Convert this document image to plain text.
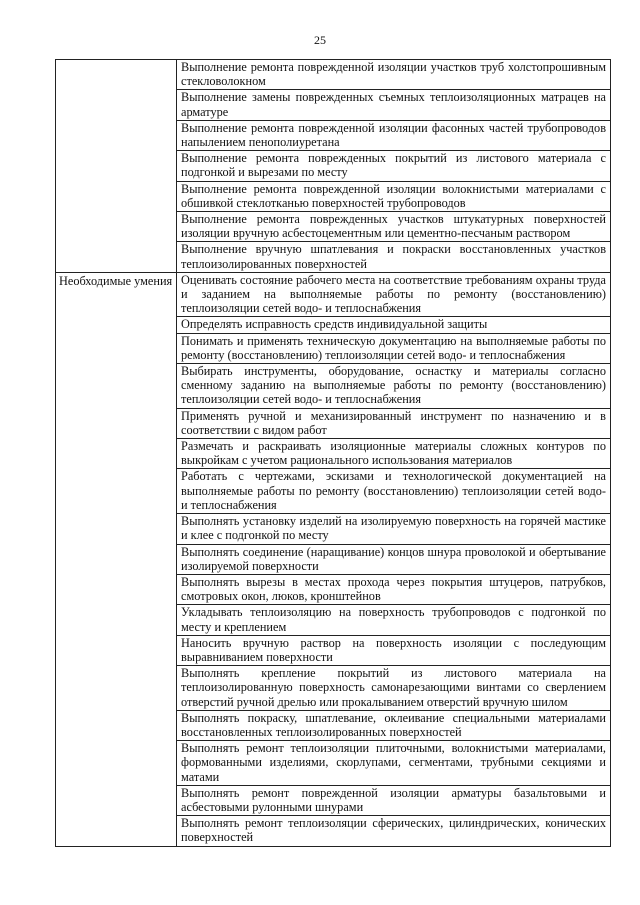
25
	Выполнение ремонта поврежденной изоляции участков труб холстопрошивным стекловолокном
	Выполнение замены поврежденных съемных теплоизоляционных матрацев на арматуре
	Выполнение ремонта поврежденной изоляции фасонных частей трубопроводов напылением пенополиуретана
	Выполнение ремонта поврежденных покрытий из листового материала с подгонкой и вырезами по месту
	Выполнение ремонта поврежденной изоляции волокнистыми материалами с обшивкой стеклотканью поверхностей трубопроводов
	Выполнение ремонта поврежденных участков штукатурных поверхностей изоляции вручную асбестоцементным или цементно-песчаным раствором
	Выполнение вручную шпатлевания и покраски восстановленных участков теплоизолированных поверхностей
Необходимые умения	Оценивать состояние рабочего места на соответствие требованиям охраны труда и заданием на выполняемые работы по ремонту (восстановлению) теплоизоляции сетей водо- и теплоснабжения
	Определять исправность средств индивидуальной защиты
	Понимать и применять техническую документацию на выполняемые работы по ремонту (восстановлению) теплоизоляции сетей водо- и теплоснабжения
	Выбирать инструменты, оборудование, оснастку и материалы согласно сменному заданию на выполняемые работы по ремонту (восстановлению) теплоизоляции сетей водо- и теплоснабжения
	Применять ручной и механизированный инструмент по назначению и в соответствии с видом работ
	Размечать и раскраивать изоляционные материалы сложных контуров по выкройкам с учетом рационального использования материалов
	Работать с чертежами, эскизами и технологической документацией на выполняемые работы по ремонту (восстановлению) теплоизоляции сетей водо- и теплоснабжения
	Выполнять установку изделий на изолируемую поверхность на горячей мастике и клее с подгонкой по месту
	Выполнять соединение (наращивание) концов шнура проволокой и обертывание изолируемой поверхности
	Выполнять вырезы в местах прохода через покрытия штуцеров, патрубков, смотровых окон, люков, кронштейнов
	Укладывать теплоизоляцию на поверхность трубопроводов с подгонкой по месту и креплением
	Наносить вручную раствор на поверхность изоляции с последующим выравниванием поверхности
	Выполнять крепление покрытий из листового материала на теплоизолированную поверхность самонарезающими винтами со сверлением отверстий ручной дрелью или прокалыванием отверстий вручную шилом
	Выполнять покраску, шпатлевание, оклеивание специальными материалами восстановленных теплоизолированных поверхностей
	Выполнять ремонт теплоизоляции плиточными, волокнистыми материалами, формованными изделиями, скорлупами, сегментами, трубными секциями и матами
	Выполнять ремонт поврежденной изоляции арматуры базальтовыми и асбестовыми рулонными шнурами
	Выполнять ремонт теплоизоляции сферических, цилиндрических, конических поверхностей
